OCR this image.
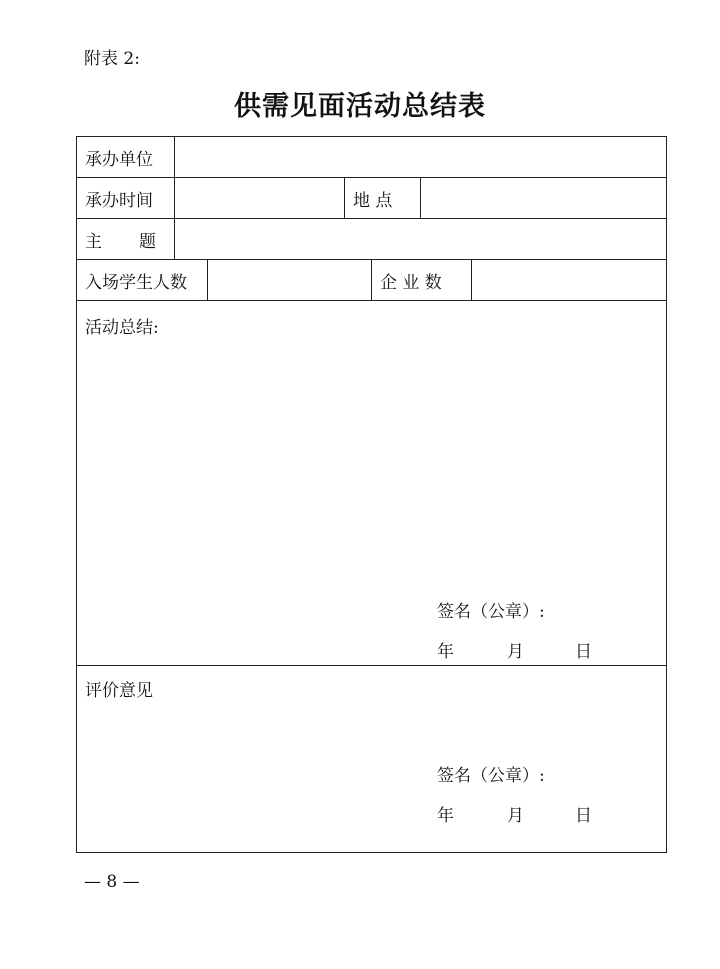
附表 2:
供需见面活动总结表
承办单位
承办时间	地 点
主 题
入场学生人数	企 业 数
活动总结:
签名（公章）:
年	月	日
评价意见
签名（公章）:
年	月	日
— 8 —
